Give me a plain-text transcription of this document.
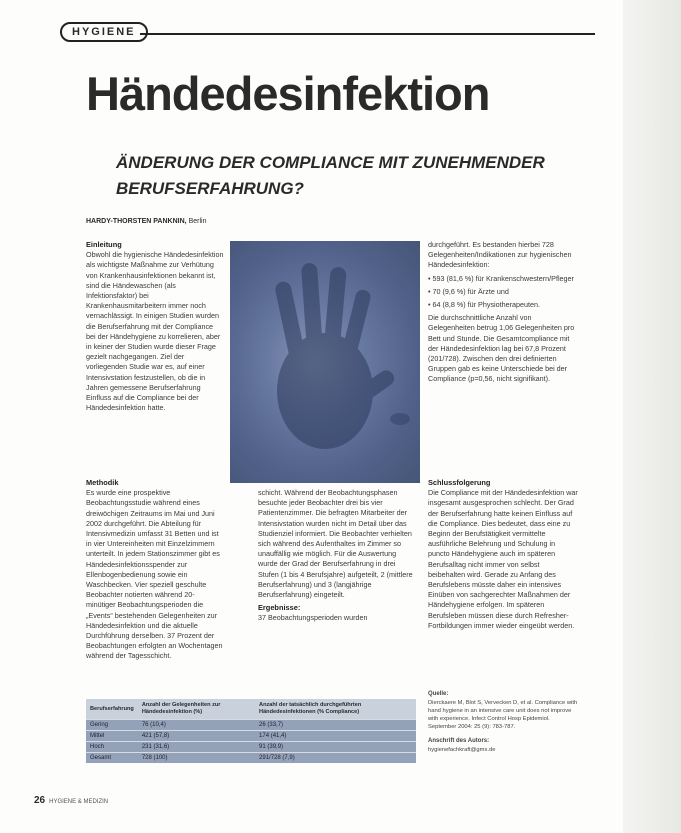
HYGIENE
Händedesinfektion
ÄNDERUNG DER COMPLIANCE MIT ZUNEHMENDER BERUFSERFAHRUNG?
HARDY-THORSTEN PANKNIN, Berlin
Einleitung

Obwohl die hygienische Händedesinfektion als wichtigste Maßnahme zur Verhütung von Krankenhausinfektionen bekannt ist, sind die Händewaschen (als Infektionsfaktor) bei Krankenhausmitarbeitern immer noch vernachlässigt. In einigen Studien wurden die Berufserfahrung mit der Compliance bei der Händehygiene zu korrelieren, aber in keiner der Studien wurde dieser Frage gezielt nachgegangen. Ziel der vorliegenden Studie war es, auf einer Intensivstation festzustellen, ob die in Jahren gemessene Berufserfahrung Einfluss auf die Compliance bei der Händedesinfektion hatte.

durchgeführt. Es bestanden hierbei 728 Gelegenheiten/Indikationen zur hygienischen Händedesinfektion:

• 593 (81,6 %) für Krankenschwestern/Pfleger

• 70 (9,6 %) für Ärzte und

• 64 (8,8 %) für Physiotherapeuten.

Die durchschnittliche Anzahl von Gelegenheiten betrug 1,06 Gelegenheiten pro Bett und Stunde. Die Gesamtcompliance mit der Händedesinfektion lag bei 67,8 Prozent (201/728). Zwischen den drei definierten Gruppen gab es keine Unterschiede bei der Compliance (p=0,56, nicht signifikant).

Methodik

Es wurde eine prospektive Beobachtungsstudie während eines dreiwöchigen Zeitraums im Mai und Juni 2002 durchgeführt. Die Abteilung für Intensivmedizin umfasst 31 Betten und ist in vier Untereinheiten mit Einzelzimmern unterteilt. In jedem Stationszimmer gibt es Händedesinfektionsspender zur Ellenbogenbedienung sowie ein Waschbecken. Vier speziell geschulte Beobachter notierten während 20-minütiger Beobachtungsperioden die „Events“ bestehenden Gelegenheiten zur Händedesinfektion und die aktuelle Durchführung derselben. 37 Prozent der Beobachtungen erfolgten an Wochentagen während der Tagesschicht.

schicht. Während der Beobachtungsphasen besuchte jeder Beobachter drei bis vier Patientenzimmer. Die befragten Mitarbeiter der Intensivstation wurden nicht im Detail über das Studienziel informiert. Die Beobachter verhielten sich während des Aufenthaltes im Zimmer so unauffällig wie möglich. Für die Auswertung wurde der Grad der Berufserfahrung in drei Stufen (1 bis 4 Berufsjahre) aufgeteilt, 2 (mittlere Berufserfahrung) und 3 (langjährige Berufserfahrung) eingeteilt.

Ergebnisse:

37 Beobachtungsperioden wurden

Schlussfolgerung

Die Compliance mit der Händedesinfektion war insgesamt ausgesprochen schlecht. Der Grad der Berufserfahrung hatte keinen Einfluss auf die Compliance. Dies bedeutet, dass eine zu Beginn der Berufstätigkeit vermittelte ausführliche Belehrung und Schulung in puncto Händehygiene auch im späteren Berufsalltag nicht immer von selbst beibehalten wird. Gerade zu Anfang des Berufslebens müsste daher ein intensives Einüben von sachgerechter Maßnahmen der Händehygiene erfolgen. Im späteren Berufsleben müssen diese durch Refresher-Fortbildungen immer wieder eingeübt werden.

Berufserfahrung	Anzahl der Gelegenheiten zur Händedesinfektion (%)	Anzahl der tatsächlich durchgeführten Händedesinfektionen (% Compliance)
Gering	76 (10,4)	26 (33,7)
Mittel	421 (57,8)	174 (41,4)
Hoch	231 (31,6)	91 (39,9)
Gesamt	728 (100)	291/728 (7,9)
Quelle:

Dierckaere M, Blot S, Vervecken D, et al. Compliance with hand hygiene in an intensive care unit does not improve with experience. Infect Control Hosp Epidemiol. September 2004: 25 (9): 783-787.

Anschrift des Autors:

hygienefachkraft@gmx.de

26 HYGIENE & MEDIZIN
